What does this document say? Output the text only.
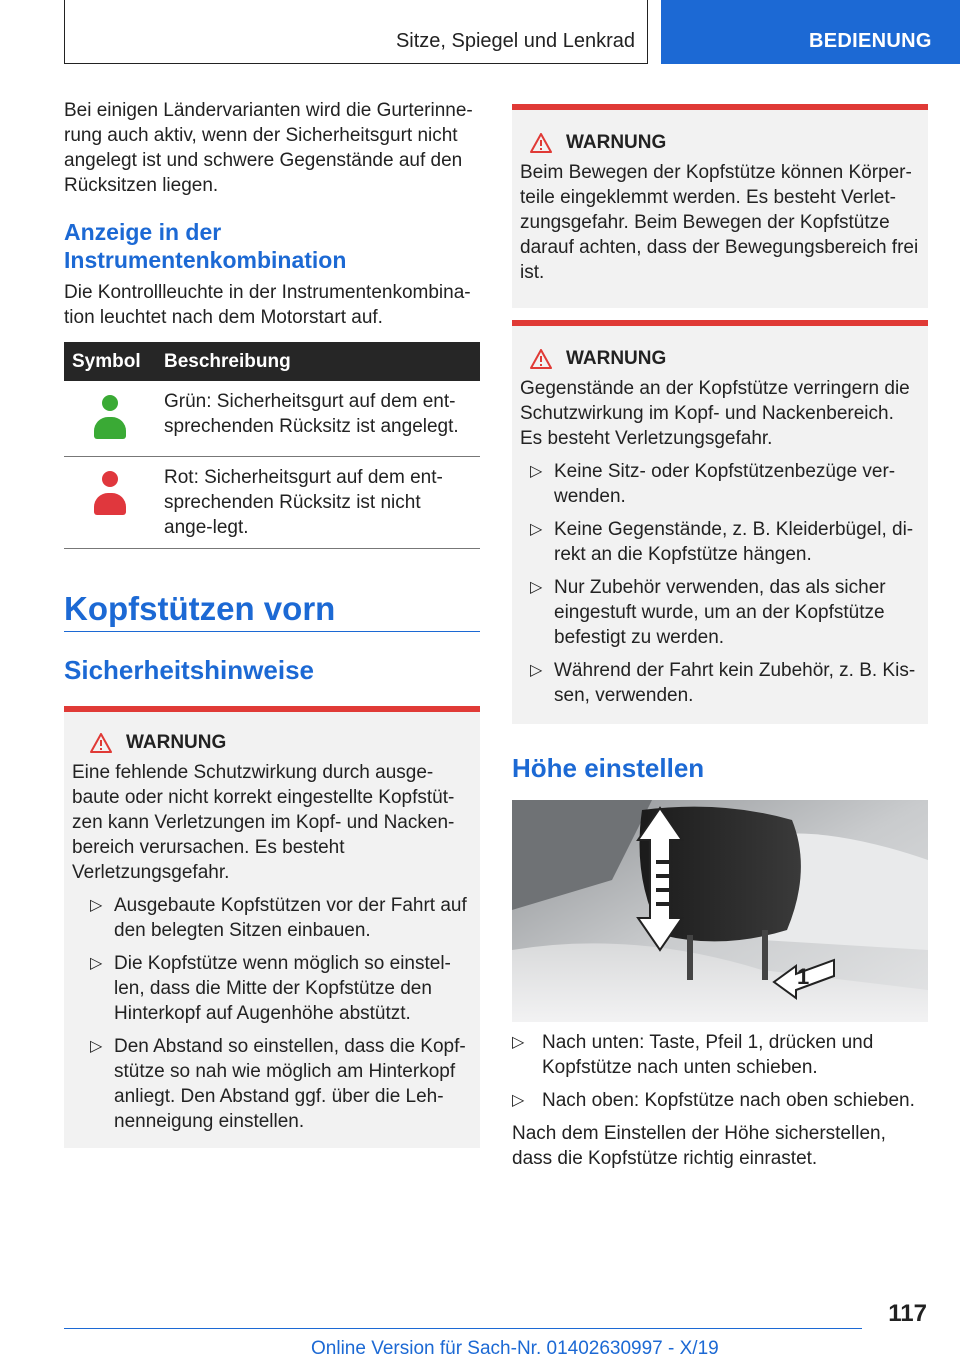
Sitze, Spiegel und Lenkrad	BEDIENUNG

Bei einigen Ländervarianten wird die Gurterinne-rung auch aktiv, wenn der Sicherheitsgurt nicht angelegt ist und schwere Gegenstände auf den Rücksitzen liegen.

Anzeige in der Instrumentenkombination

Die Kontrollleuchte in der Instrumentenkombina-tion leuchtet nach dem Motorstart auf.

Symbol	Beschreibung

	Grün: Sicherheitsgurt auf dem ent-sprechenden Rücksitz ist angelegt.

	Rot: Sicherheitsgurt auf dem ent-sprechenden Rücksitz ist nicht ange-legt.
Kopfstützen vorn
Sicherheitshinweise
WARNUNG

Eine fehlende Schutzwirkung durch ausge-baute oder nicht korrekt eingestellte Kopfstüt-zen kann Verletzungen im Kopf- und Nacken-bereich verursachen. Es besteht Verletzungsgefahr.

▷ Ausgebaute Kopfstützen vor der Fahrt auf den belegten Sitzen einbauen.
▷ Die Kopfstütze wenn möglich so einstel-len, dass die Mitte der Kopfstütze den Hinterkopf auf Augenhöhe abstützt.
▷ Den Abstand so einstellen, dass die Kopf-stütze so nah wie möglich am Hinterkopf anliegt. Den Abstand ggf. über die Leh-nenneigung einstellen.
WARNUNG

Beim Bewegen der Kopfstütze können Körper-teile eingeklemmt werden. Es besteht Verlet-zungsgefahr. Beim Bewegen der Kopfstütze darauf achten, dass der Bewegungsbereich frei ist.

WARNUNG

Gegenstände an der Kopfstütze verringern die Schutzwirkung im Kopf- und Nackenbereich. Es besteht Verletzungsgefahr.

▷ Keine Sitz- oder Kopfstützenbezüge ver-wenden.
▷ Keine Gegenstände, z. B. Kleiderbügel, di-rekt an die Kopfstütze hängen.
▷ Nur Zubehör verwenden, das als sicher eingestuft wurde, um an der Kopfstütze befestigt zu werden.
▷ Während der Fahrt kein Zubehör, z. B. Kis-sen, verwenden.
Höhe einstellen
1
▷ Nach unten: Taste, Pfeil 1, drücken und Kopfstütze nach unten schieben.
▷ Nach oben: Kopfstütze nach oben schieben.

Nach dem Einstellen der Höhe sicherstellen, dass die Kopfstütze richtig einrastet.

117
Online Version für Sach-Nr. 01402630997 - X/19
